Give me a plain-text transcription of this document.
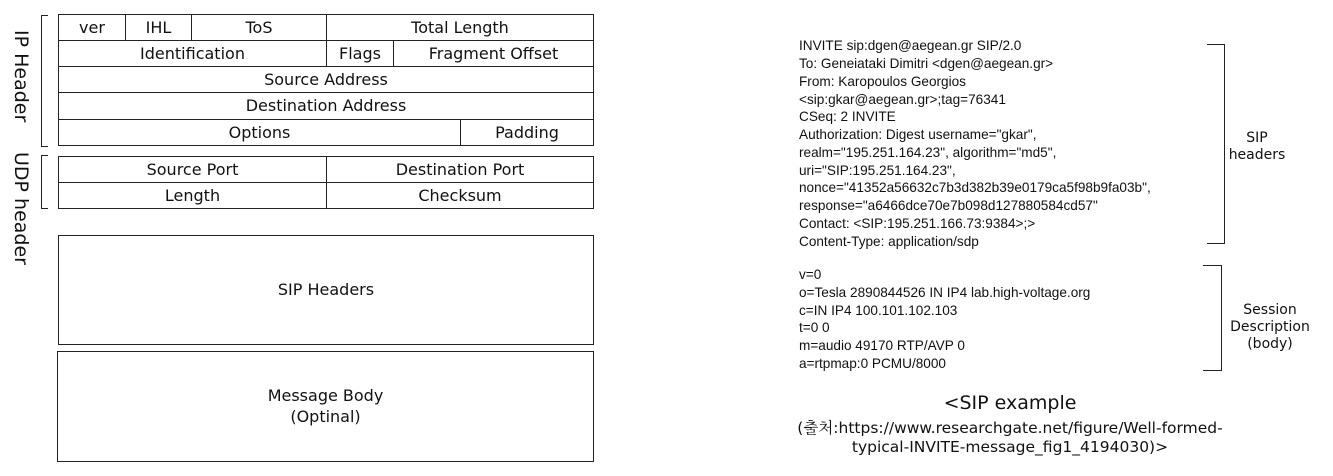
IP Header
UDP header
ver	IHL	ToS	Total Length
Identification	Flags	Fragment Offset
Source Address
Destination Address
Options	Padding
Source Port	Destination Port
Length	Checksum
SIP Headers
Message Body
(Optinal)
INVITE sip:dgen@aegean.gr SIP/2.0
To: Geneiataki Dimitri <dgen@aegean.gr>
From: Karopoulos Georgios
<sip:gkar@aegean.gr>;tag=76341
CSeq: 2 INVITE
Authorization: Digest username="gkar",
realm="195.251.164.23", algorithm="md5",
uri="SIP:195.251.164.23",
nonce="41352a56632c7b3d382b39e0179ca5f98b9fa03b",
response="a6466dce70e7b098d127880584cd57"
Contact: <SIP:195.251.166.73:9384>;>
Content-Type: application/sdp
v=0
o=Tesla 2890844526 IN IP4 lab.high-voltage.org
c=IN IP4 100.101.102.103
t=0 0
m=audio 49170 RTP/AVP 0
a=rtpmap:0 PCMU/8000
SIP
headers
Session
Description
(body)
<SIP example
(출처:https://www.researchgate.net/figure/Well-formed-
typical-INVITE-message_fig1_4194030)>
